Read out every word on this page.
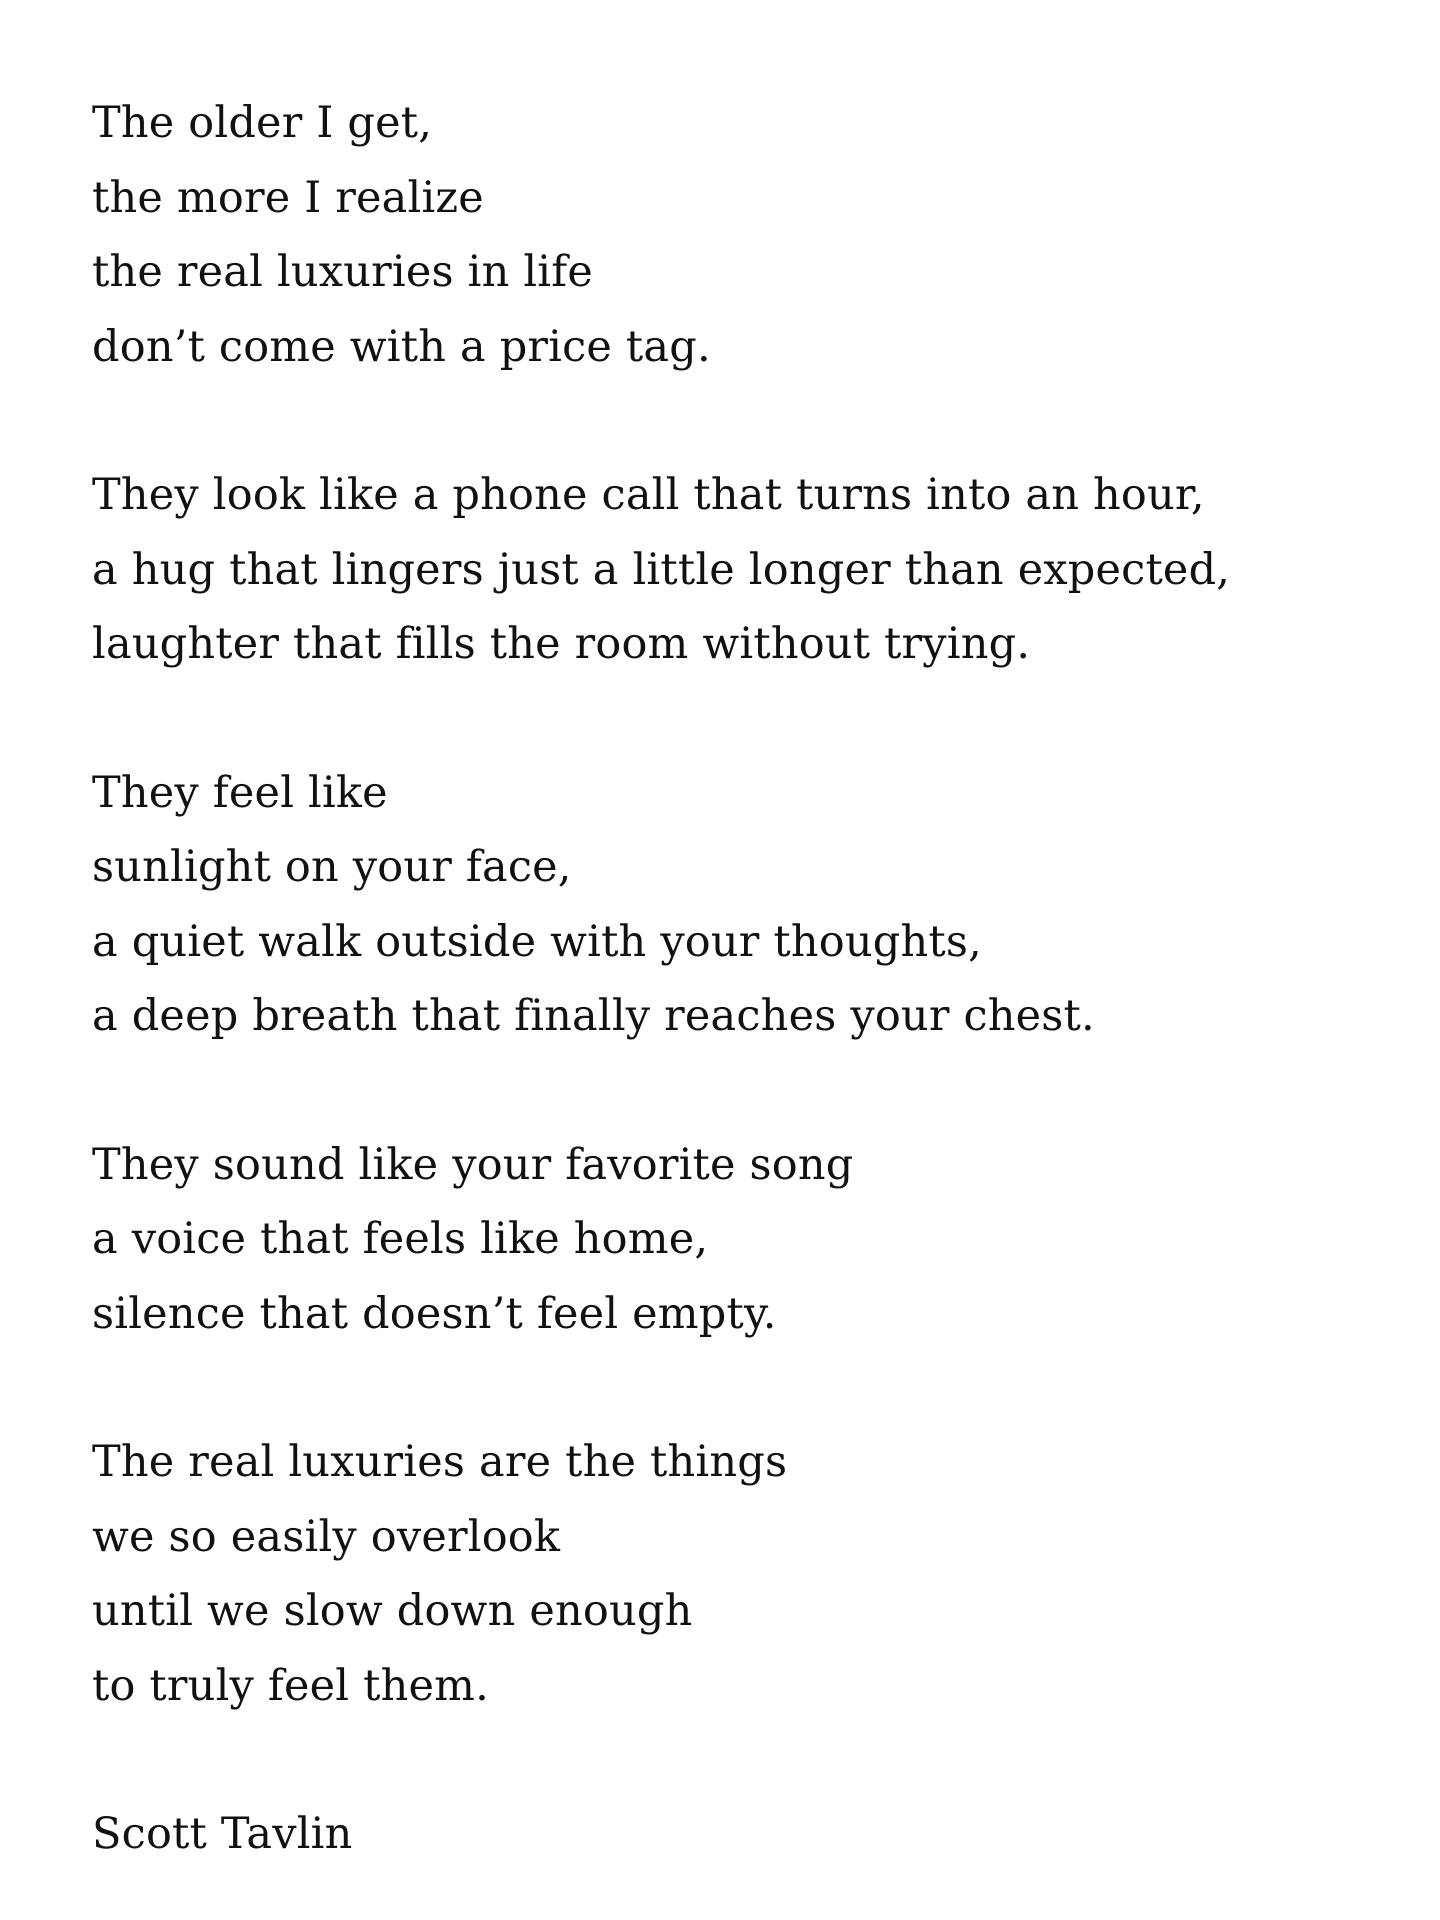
The older I get,
the more I realize
the real luxuries in life
don’t come with a price tag.
They look like a phone call that turns into an hour,
a hug that lingers just a little longer than expected,
laughter that fills the room without trying.
They feel like
sunlight on your face,
a quiet walk outside with your thoughts,
a deep breath that finally reaches your chest.
They sound like your favorite song
a voice that feels like home,
silence that doesn’t feel empty.
The real luxuries are the things
we so easily overlook
until we slow down enough
to truly feel them.
Scott Tavlin
